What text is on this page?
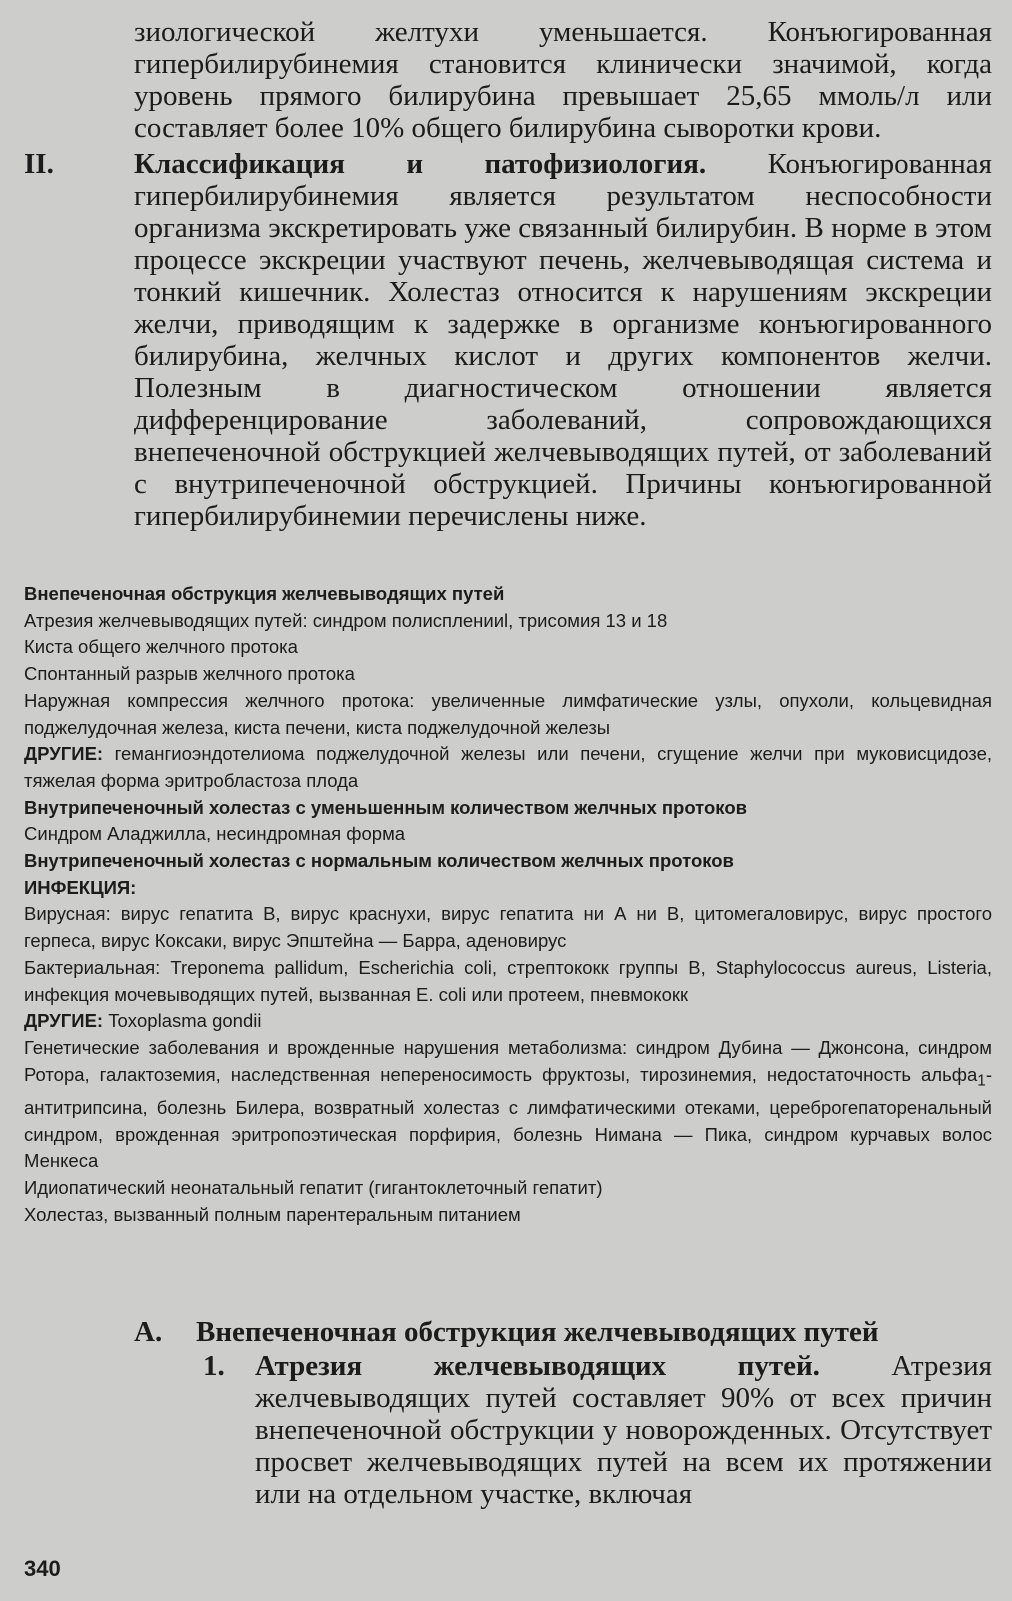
зиологической желтухи уменьшается. Конъюгированная гипербилирубинемия становится клинически значимой, когда уровень прямого билирубина превышает 25,65 ммоль/л или составляет более 10% общего билирубина сыворотки крови.

II.	Классификация и патофизиология. Конъюгированная гипербилирубинемия является результатом неспособности организма экскретировать уже связанный билирубин. В норме в этом процессе экскреции участвуют печень, желчевыводящая система и тонкий кишечник. Холестаз относится к нарушениям экскреции желчи, приводящим к задержке в организме конъюгированного билирубина, желчных кислот и других компонентов желчи. Полезным в диагностическом отношении является дифференцирование заболеваний, сопровождающихся внепеченочной обструкцией желчевыводящих путей, от заболеваний с внутрипеченочной обструкцией. Причины конъюгированной гипербилирубинемии перечислены ниже.

Внепеченочная обструкция желчевыводящих путей

Атрезия желчевыводящих путей: синдром полиспленииl, трисомия 13 и 18

Киста общего желчного протока

Спонтанный разрыв желчного протока

Наружная компрессия желчного протока: увеличенные лимфатические узлы, опухоли, кольцевидная поджелудочная железа, киста печени, киста поджелудочной железы

ДРУГИЕ: гемангиоэндотелиома поджелудочной железы или печени, сгущение желчи при муковисцидозе, тяжелая форма эритробластоза плода

Внутрипеченочный холестаз с уменьшенным количеством желчных протоков

Синдром Аладжилла, несиндромная форма

Внутрипеченочный холестаз с нормальным количеством желчных протоков

ИНФЕКЦИЯ:

Вирусная: вирус гепатита В, вирус краснухи, вирус гепатита ни А ни В, цитомегаловирус, вирус простого герпеса, вирус Коксаки, вирус Эпштейна — Барра, аденовирус

Бактериальная: Treponema pallidum, Escherichia coli, стрептококк группы В, Staphylococcus aureus, Listeria, инфекция мочевыводящих путей, вызванная Е. coli или протеем, пневмококк

ДРУГИЕ: Toxoplasma gondii

Генетические заболевания и врожденные нарушения метаболизма: синдром Дубина — Джонсона, синдром Ротора, галактоземия, наследственная непереносимость фруктозы, тирозинемия, недостаточность альфа$_1$-антитрипсина, болезнь Билера, возвратный холестаз с лимфатическими отеками, цереброгепаторенальный синдром, врожденная эритропоэтическая порфирия, болезнь Нимана — Пика, синдром курчавых волос Менкеса

Идиопатический неонатальный гепатит (гигантоклеточный гепатит)

Холестаз, вызванный полным парентеральным питанием

А. Внепеченочная обструкция желчевыводящих путей
1. Атрезия желчевыводящих путей. Атрезия желчевыводящих путей составляет 90% от всех причин внепеченочной обструкции у новорожденных. Отсутствует просвет желчевыводящих путей на всем их протяжении или на отдельном участке, включая

340
